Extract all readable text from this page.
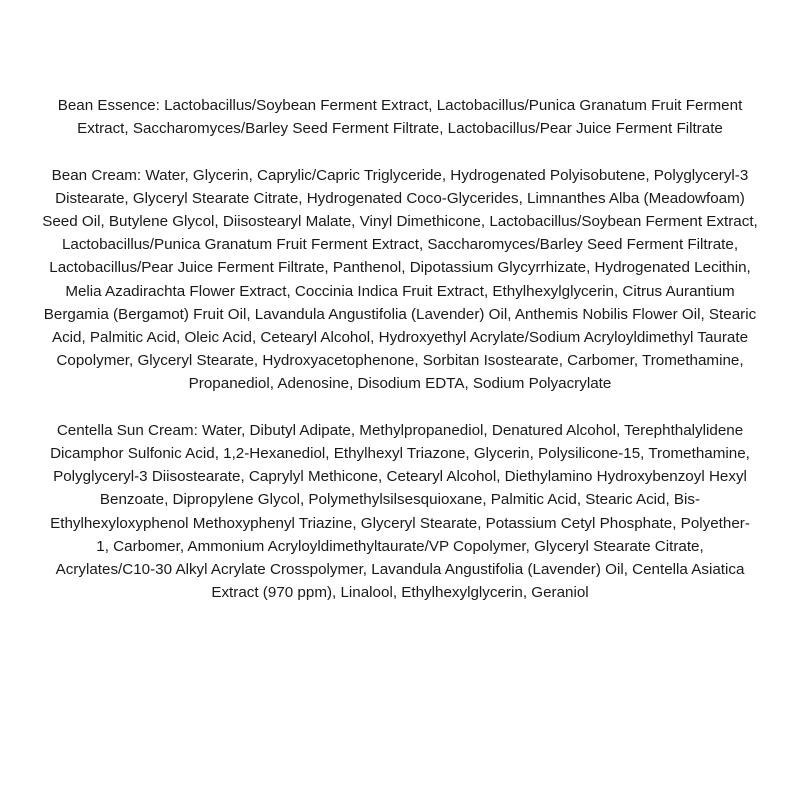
Bean Essence: Lactobacillus/Soybean Ferment Extract, Lactobacillus/Punica Granatum Fruit Ferment Extract, Saccharomyces/Barley Seed Ferment Filtrate, Lactobacillus/Pear Juice Ferment Filtrate

Bean Cream: Water, Glycerin, Caprylic/Capric Triglyceride, Hydrogenated Polyisobutene, Polyglyceryl-3 Distearate, Glyceryl Stearate Citrate, Hydrogenated Coco-Glycerides, Limnanthes Alba (Meadowfoam) Seed Oil, Butylene Glycol, Diisostearyl Malate, Vinyl Dimethicone, Lactobacillus/Soybean Ferment Extract, Lactobacillus/Punica Granatum Fruit Ferment Extract, Saccharomyces/Barley Seed Ferment Filtrate, Lactobacillus/Pear Juice Ferment Filtrate, Panthenol, Dipotassium Glycyrrhizate, Hydrogenated Lecithin, Melia Azadirachta Flower Extract, Coccinia Indica Fruit Extract, Ethylhexylglycerin, Citrus Aurantium Bergamia (Bergamot) Fruit Oil, Lavandula Angustifolia (Lavender) Oil, Anthemis Nobilis Flower Oil, Stearic Acid, Palmitic Acid, Oleic Acid, Cetearyl Alcohol, Hydroxyethyl Acrylate/Sodium Acryloyldimethyl Taurate Copolymer, Glyceryl Stearate, Hydroxyacetophenone, Sorbitan Isostearate, Carbomer, Tromethamine, Propanediol, Adenosine, Disodium EDTA, Sodium Polyacrylate

Centella Sun Cream: Water, Dibutyl Adipate, Methylpropanediol, Denatured Alcohol, Terephthalylidene Dicamphor Sulfonic Acid, 1,2-Hexanediol, Ethylhexyl Triazone, Glycerin, Polysilicone-15, Tromethamine, Polyglyceryl-3 Diisostearate, Caprylyl Methicone, Cetearyl Alcohol, Diethylamino Hydroxybenzoyl Hexyl Benzoate, Dipropylene Glycol, Polymethylsilsesquioxane, Palmitic Acid, Stearic Acid, Bis-Ethylhexyloxyphenol Methoxyphenyl Triazine, Glyceryl Stearate, Potassium Cetyl Phosphate, Polyether-1, Carbomer, Ammonium Acryloyldimethyltaurate/VP Copolymer, Glyceryl Stearate Citrate, Acrylates/C10-30 Alkyl Acrylate Crosspolymer, Lavandula Angustifolia (Lavender) Oil, Centella Asiatica Extract (970 ppm), Linalool, Ethylhexylglycerin, Geraniol
